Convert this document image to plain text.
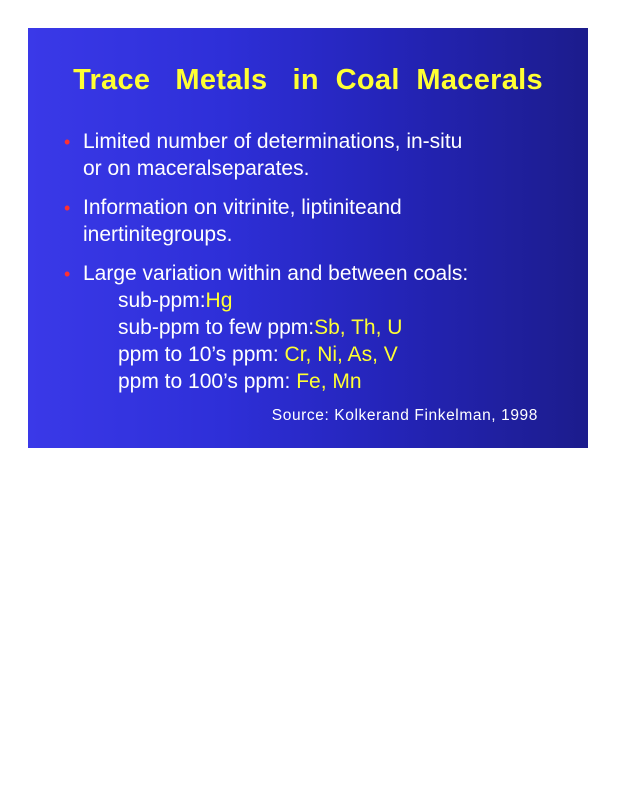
Trace   Metals   in  Coal  Macerals
• Limited number of determinations, in-situ
or on maceralseparates.
• Information on vitrinite, liptiniteand
inertinitegroups.
• Large variation within and between coals:
sub-ppm:Hg
sub-ppm to few ppm:Sb, Th, U
ppm to 10’s ppm: Cr, Ni, As, V
ppm to 100’s ppm: Fe, Mn
Source: Kolkerand Finkelman, 1998
